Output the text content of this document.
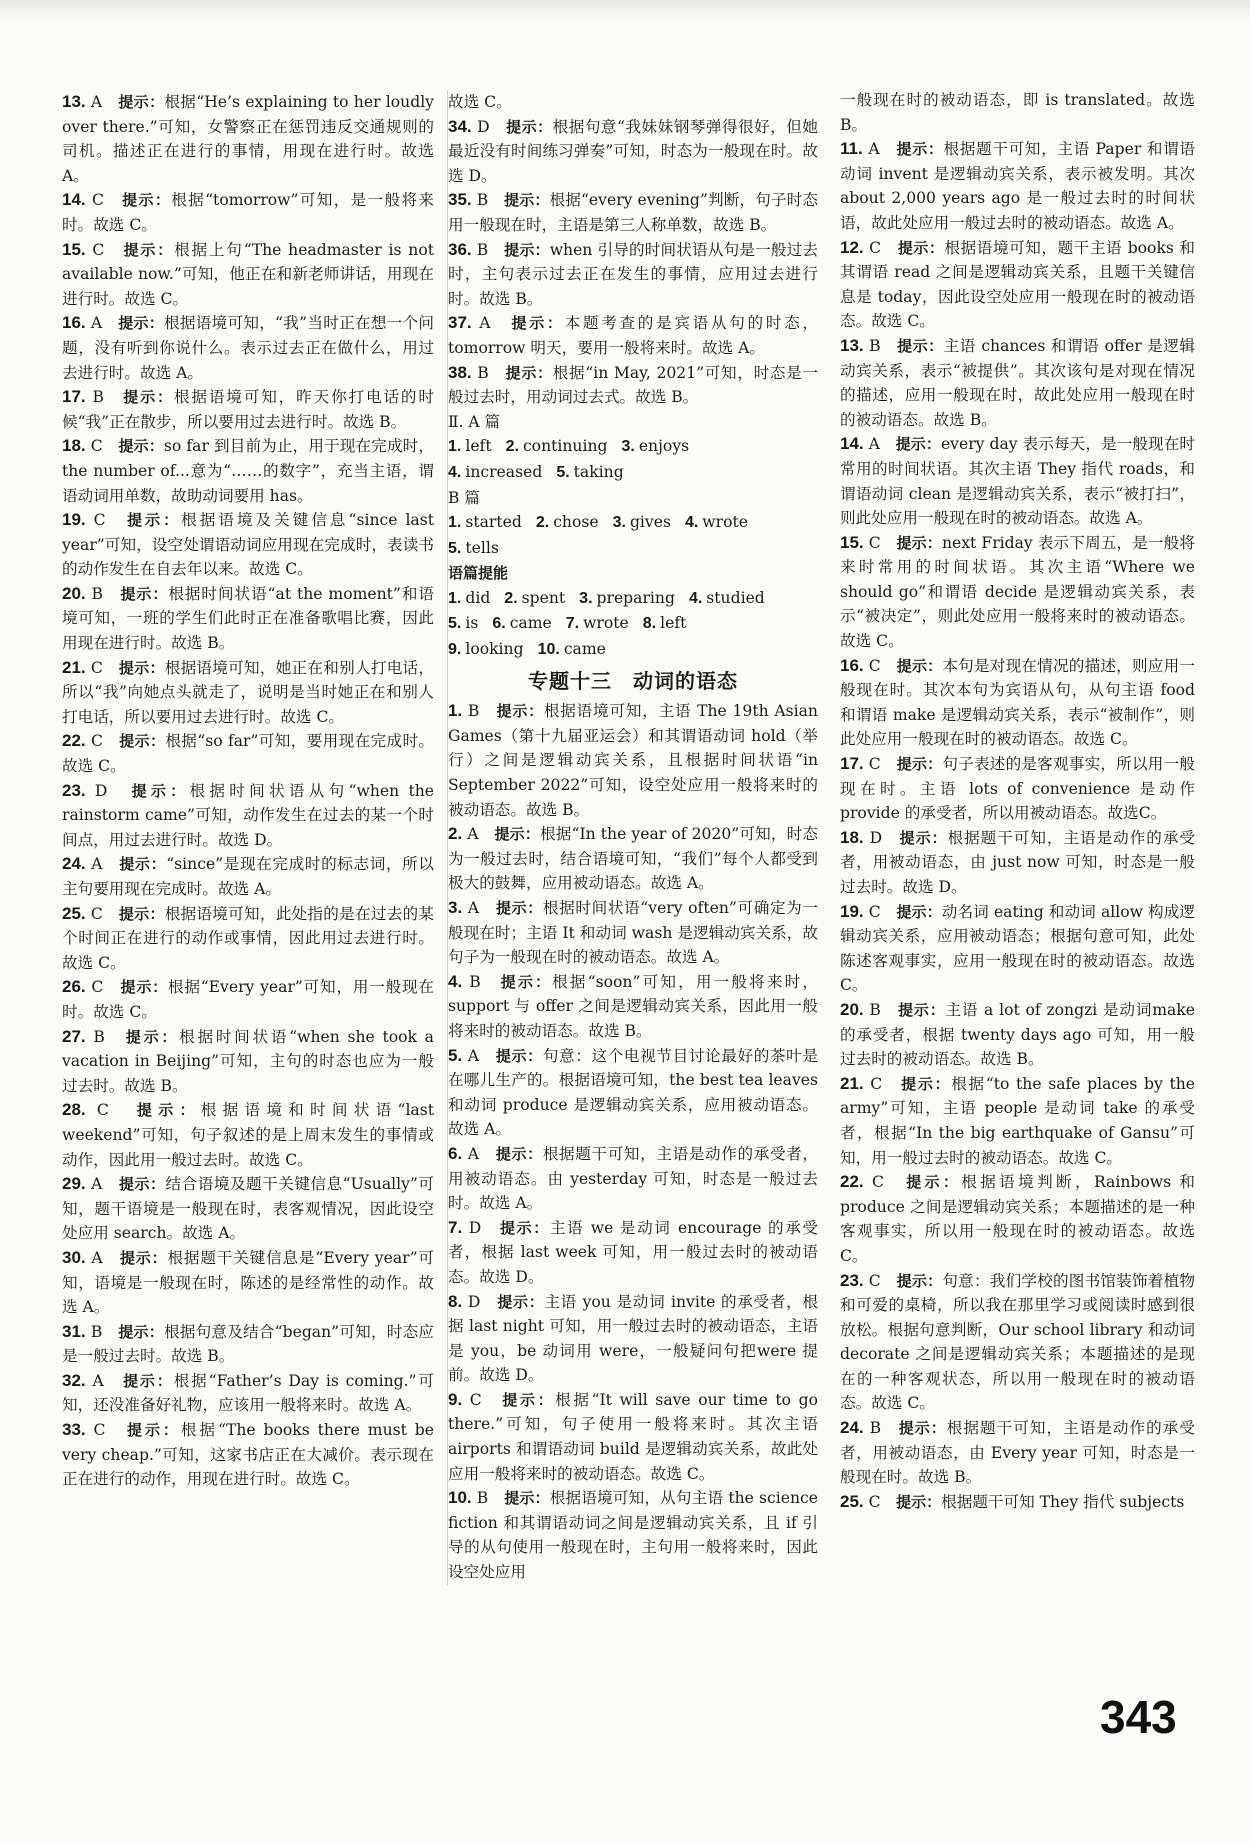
13. A　提示：根据“He’s explaining to her loudly over there.”可知，女警察正在惩罚违反交通规则的司机。描述正在进行的事情，用现在进行时。故选 A。

14. C　提示：根据“tomorrow”可知，是一般将来时。故选 C。

15. C　提示：根据上句“The headmaster is not available now.”可知，他正在和新老师讲话，用现在进行时。故选 C。

16. A　提示：根据语境可知，“我”当时正在想一个问题，没有听到你说什么。表示过去正在做什么，用过去进行时。故选 A。

17. B　提示：根据语境可知，昨天你打电话的时候“我”正在散步，所以要用过去进行时。故选 B。

18. C　提示：so far 到目前为止，用于现在完成时，the number of...意为“……的数字”，充当主语，谓语动词用单数，故助动词要用 has。

19. C　提示：根据语境及关键信息“since last year”可知，设空处谓语动词应用现在完成时，表读书的动作发生在自去年以来。故选 C。

20. B　提示：根据时间状语“at the moment”和语境可知，一班的学生们此时正在准备歌唱比赛，因此用现在进行时。故选 B。

21. C　提示：根据语境可知，她正在和别人打电话，所以“我”向她点头就走了，说明是当时她正在和别人打电话，所以要用过去进行时。故选 C。

22. C　提示：根据“so far”可知，要用现在完成时。故选 C。

23. D　提示：根据时间状语从句“when the rainstorm came”可知，动作发生在过去的某一个时间点，用过去进行时。故选 D。

24. A　提示：“since”是现在完成时的标志词，所以主句要用现在完成时。故选 A。

25. C　提示：根据语境可知，此处指的是在过去的某个时间正在进行的动作或事情，因此用过去进行时。故选 C。

26. C　提示：根据“Every year”可知，用一般现在时。故选 C。

27. B　提示：根据时间状语“when she took a vacation in Beijing”可知，主句的时态也应为一般过去时。故选 B。

28. C　提示：根据语境和时间状语“last weekend”可知，句子叙述的是上周末发生的事情或动作，因此用一般过去时。故选 C。

29. A　提示：结合语境及题干关键信息“Usually”可知，题干语境是一般现在时，表客观情况，因此设空处应用 search。故选 A。

30. A　提示：根据题干关键信息是“Every year”可知，语境是一般现在时，陈述的是经常性的动作。故选 A。

31. B　提示：根据句意及结合“began”可知，时态应是一般过去时。故选 B。

32. A　提示：根据“Father’s Day is coming.”可知，还没准备好礼物，应该用一般将来时。故选 A。

33. C　提示：根据“The books there must be very cheap.”可知，这家书店正在大减价。表示现在正在进行的动作，用现在进行时。故选 C。

故选 C。

34. D　提示：根据句意“我妹妹钢琴弹得很好，但她最近没有时间练习弹奏”可知，时态为一般现在时。故选 D。

35. B　提示：根据“every evening”判断，句子时态用一般现在时，主语是第三人称单数，故选 B。

36. B　提示：when 引导的时间状语从句是一般过去时，主句表示过去正在发生的事情，应用过去进行时。故选 B。

37. A　提示：本题考查的是宾语从句的时态，tomorrow 明天，要用一般将来时。故选 A。

38. B　提示：根据“in May, 2021”可知，时态是一般过去时，用动词过去式。故选 B。

Ⅱ. A 篇

1. left 2. continuing 3. enjoys

4. increased 5. taking

B 篇

1. started 2. chose 3. gives 4. wrote

5. tells

语篇提能

1. did 2. spent 3. preparing 4. studied

5. is 6. came 7. wrote 8. left

9. looking 10. came

专题十三　动词的语态

1. B　提示：根据语境可知，主语 The 19th Asian Games（第十九届亚运会）和其谓语动词 hold（举行）之间是逻辑动宾关系，且根据时间状语“in September 2022”可知，设空处应用一般将来时的被动语态。故选 B。

2. A　提示：根据“In the year of 2020”可知，时态为一般过去时，结合语境可知，“我们”每个人都受到极大的鼓舞，应用被动语态。故选 A。

3. A　提示：根据时间状语“very often”可确定为一般现在时；主语 It 和动词 wash 是逻辑动宾关系，故句子为一般现在时的被动语态。故选 A。

4. B　提示：根据“soon”可知，用一般将来时，support 与 offer 之间是逻辑动宾关系，因此用一般将来时的被动语态。故选 B。

5. A　提示：句意：这个电视节目讨论最好的茶叶是在哪儿生产的。根据语境可知，the best tea leaves 和动词 produce 是逻辑动宾关系，应用被动语态。故选 A。

6. A　提示：根据题干可知，主语是动作的承受者，用被动语态。由 yesterday 可知，时态是一般过去时。故选 A。

7. D　提示：主语 we 是动词 encourage 的承受者，根据 last week 可知，用一般过去时的被动语态。故选 D。

8. D　提示：主语 you 是动词 invite 的承受者，根据 last night 可知，用一般过去时的被动语态，主语是 you，be 动词用 were，一般疑问句把were 提前。故选 D。

9. C　提示：根据“It will save our time to go there.”可知，句子使用一般将来时。其次主语 airports 和谓语动词 build 是逻辑动宾关系，故此处应用一般将来时的被动语态。故选 C。

10. B　提示：根据语境可知，从句主语 the science fiction 和其谓语动词之间是逻辑动宾关系，且 if 引导的从句使用一般现在时，主句用一般将来时，因此设空处应用

一般现在时的被动语态，即 is translated。故选 B。

11. A　提示：根据题干可知，主语 Paper 和谓语动词 invent 是逻辑动宾关系，表示被发明。其次 about 2,000 years ago 是一般过去时的时间状语，故此处应用一般过去时的被动语态。故选 A。

12. C　提示：根据语境可知，题干主语 books 和其谓语 read 之间是逻辑动宾关系，且题干关键信息是 today，因此设空处应用一般现在时的被动语态。故选 C。

13. B　提示：主语 chances 和谓语 offer 是逻辑动宾关系，表示“被提供”。其次该句是对现在情况的描述，应用一般现在时，故此处应用一般现在时的被动语态。故选 B。

14. A　提示：every day 表示每天，是一般现在时常用的时间状语。其次主语 They 指代 roads，和谓语动词 clean 是逻辑动宾关系，表示“被打扫”，则此处应用一般现在时的被动语态。故选 A。

15. C　提示：next Friday 表示下周五，是一般将来时常用的时间状语。其次主语“Where we should go”和谓语 decide 是逻辑动宾关系，表示“被决定”，则此处应用一般将来时的被动语态。故选 C。

16. C　提示：本句是对现在情况的描述，则应用一般现在时。其次本句为宾语从句，从句主语 food 和谓语 make 是逻辑动宾关系，表示“被制作”，则此处应用一般现在时的被动语态。故选 C。

17. C　提示：句子表述的是客观事实，所以用一般现在时。主语 lots of convenience 是动作 provide 的承受者，所以用被动语态。故选C。

18. D　提示：根据题干可知，主语是动作的承受者，用被动语态，由 just now 可知，时态是一般过去时。故选 D。

19. C　提示：动名词 eating 和动词 allow 构成逻辑动宾关系，应用被动语态；根据句意可知，此处陈述客观事实，应用一般现在时的被动语态。故选 C。

20. B　提示：主语 a lot of zongzi 是动词make 的承受者，根据 twenty days ago 可知，用一般过去时的被动语态。故选 B。

21. C　提示：根据“to the safe places by the army”可知，主语 people 是动词 take 的承受者，根据“In the big earthquake of Gansu”可知，用一般过去时的被动语态。故选 C。

22. C　提示：根据语境判断，Rainbows 和 produce 之间是逻辑动宾关系；本题描述的是一种客观事实，所以用一般现在时的被动语态。故选 C。

23. C　提示：句意：我们学校的图书馆装饰着植物和可爱的桌椅，所以我在那里学习或阅读时感到很放松。根据句意判断，Our school library 和动词 decorate 之间是逻辑动宾关系；本题描述的是现在的一种客观状态，所以用一般现在时的被动语态。故选 C。

24. B　提示：根据题干可知，主语是动作的承受者，用被动语态，由 Every year 可知，时态是一般现在时。故选 B。

25. C　提示：根据题干可知 They 指代 subjects

343
